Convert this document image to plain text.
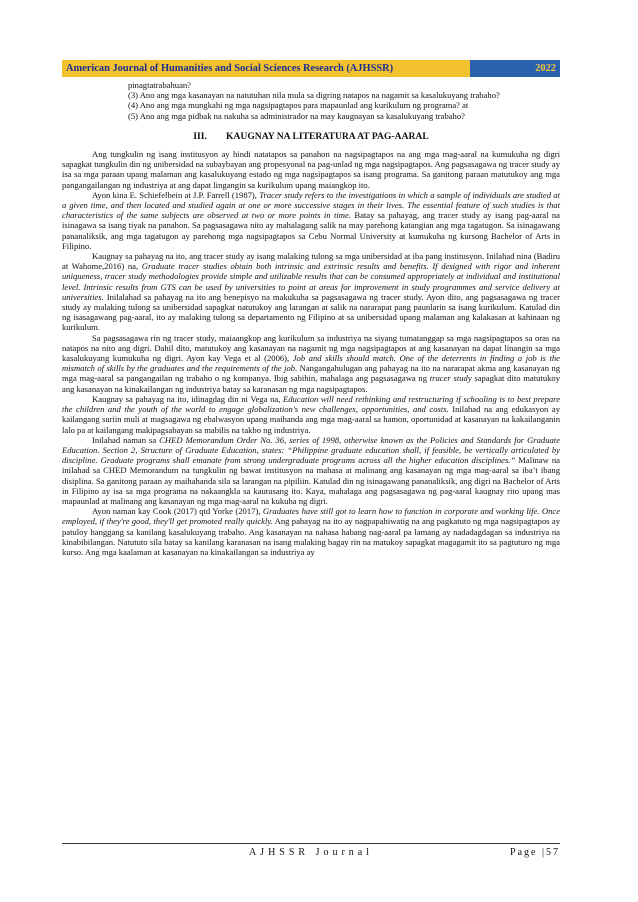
American Journal of Humanities and Social Sciences Research (AJHSSR)	2022
pinagtatrabahuan?
(3) Ano ang mga kasanayan na natutuhan nila mula sa digring natapos na nagamit sa kasalukuyang trabaho?
(4) Ano ang mga mungkahi ng mga nagsipagtapos para mapaunlad ang kurikulum ng programa? at
(5) Ano ang mga pidbak na nakuha sa administrador na may kaugnayan sa kasalukuyang trabaho?
III.        KAUGNAY NA LITERATURA AT PAG-AARAL

Ang tungkulin ng isang institusyon ay hindi natatapos sa panahon na nagsipagtapos na ang mga mag-aaral na kumukuha ng digri sapagkat tungkulin din ng unibersidad na subaybayan ang propesyonal na pag-unlad ng mga nagsipagtapos. Ang pagsasagawa ng tracer study ay isa sa mga paraan upang malaman ang kasalukuyang estado ng mga nagsipagtapos sa isang programa. Sa ganitong paraan matutukoy ang mga pangangailangan ng industriya at ang dapat lingangin sa kurikulum upang maiangkop ito.

Ayon kina E. Schiefelbein at J.P. Farrell (1987), Tracer study refers to the investigations in which a sample of individuals are studied at a given time, and then located and studied again at one or more successive stages in their lives. The essential feature of such studies is that characteristics of the same subjects are observed at two or more points in time. Batay sa pahayag, ang tracer study ay isang pag-aaral na isinagawa sa isang tiyak na panahon. Sa pagsasagawa nito ay mahalagang salik na may parehong katangian ang mga tagatugon. Sa isinagawang pananaliksik, ang mga tagatugon ay parehong mga nagsipagtapos sa Cebu Normal University at kumukuha ng kursong Bachelor of Arts in Filipino.

Kaugnay sa pahayag na ito, ang tracer study ay isang malaking tulong sa mga unibersidad at iba pang institusyon. Inilahad nina (Badiru at Wahome,2016) na, Graduate tracer studies obtain both intrinsic and extrinsic results and benefits. If designed with rigor and inherent uniqueness, tracer study methodologies provide simple and utilizable results that can be consumed appropriately at individual and institutional level. Intrinsic results from GTS can be used by universities to point at areas for improvement in study programmes and service delivery at universities. Inilalahad sa pahayag na ito ang benepisyo na makukuha sa pagsasagawa ng tracer study. Ayon dito, ang pagsasagawa ng tracer study ay malaking tulong sa unibersidad sapagkat natutukoy ang larangan at salik na nararapat pang paunlarin sa isang kurikulum. Katulad din ng isasagawang pag-aaral, ito ay malaking tulong sa departamento ng Filipino at sa unibersidad upang malaman ang kalakasan at kahinaan ng kurikulum.

Sa pagsasagawa rin ng tracer study, maiaangkop ang kurikulum sa industriya na siyang tumatanggap sa mga nagsipagtapos sa oras na natapos na nito ang digri. Dahil dito, matutukoy ang kasanayan na nagamit ng mga nagsipagtapos at ang kasanayan na dapat linangin sa mga kasalukuyang kumukuha ng digri. Ayon kay Vega et al (2006), Job and skills should match. One of the deterrents in finding a job is the mismatch of skills by the graduates and the requirements of the job. Nangangahulugan ang pahayag na ito na nararapat akma ang kasanayan ng mga mag-aaral sa pangangailan ng trabaho o ng kompanya. Ibig sabihin, mahalaga ang pagsasagawa ng tracer study sapagkat dito matutukoy ang kasanayan na kinakailangan ng industriya batay sa karanasan ng mga nagsipagtapos.

Kaugnay sa pahayag na ito, idinagdag din ni Vega na, Education will need rethinking and restructuring if schooling is to best prepare the children and the youth of the world to engage globalization's new challenges, opportunities, and costs. Inilahad na ang edukasyon ay kailangang suriin muli at magsagawa ng ebalwasyon upang maihanda ang mga mag-aaral sa hamon, oportunidad at kasanayan na kakailanganin lalo pa at kailangang makipagsabayan sa mabilis na takbo ng industriya.

Inilahad naman sa CHED Memorandum Order No. 36, series of 1998, otherwise known as the Policies and Standards for Graduate Education. Section 2, Structure of Graduate Education, states: “Philippine graduate education shall, if feasible, be vertically articulated by discipline. Graduate programs shall emanate from strong undergraduate programs across all the higher education disciplines.” Malinaw na inilahad sa CHED Memorandum na tungkulin ng bawat institusyon na mahasa at malinang ang kasanayan ng mga mag-aaral sa iba’t ibang disiplina. Sa ganitong paraan ay maihahanda sila sa larangan na pipiliin. Katulad din ng isinagawang pananaliksik, ang digri na Bachelor of Arts in Filipino ay isa sa mga programa na nakaangkla sa kautusang ito. Kaya, mahalaga ang pagsasagawa ng pag-aaral kaugnay rito upang mas mapaunlad at malinang ang kasanayan ng mga mag-aaral na kukuha ng digri.

Ayon naman kay Cook (2017) qtd Yorke (2017), Graduates have still got to learn how to function in corporate and working life. Once employed, if they're good, they'll get promoted really quickly. Ang pahayag na ito ay nagpapahiwatig na ang pagkatuto ng mga nagsipagtapos ay patuloy hanggang sa kanilang kasalukuyang trabaho. Ang kasanayan na nahasa habang nag-aaral pa lamang ay nadadagdagan sa industriya na kinabibilangan. Natututo sila batay sa kanilang karanasan na isang malaking bagay rin na matukoy sapagkat magagamit ito sa pagtuturo ng mga kurso. Ang mga kaalaman at kasanayan na kinakailangan sa industriya ay

AJHSSR Journal	Page |57
